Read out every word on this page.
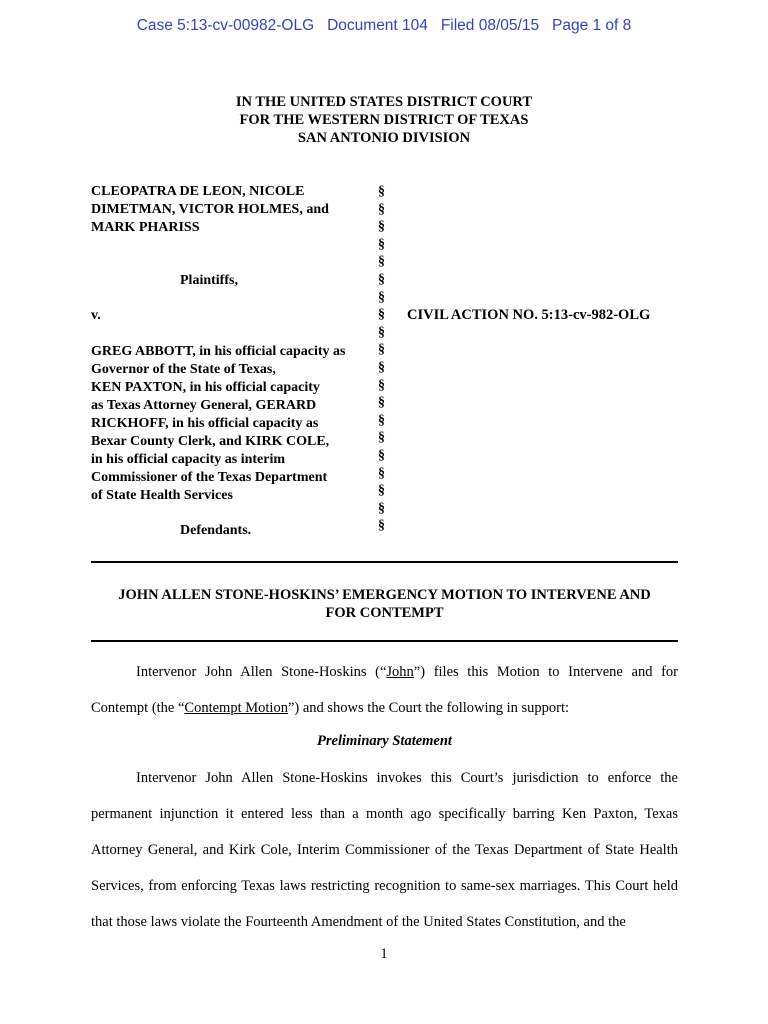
Case 5:13-cv-00982-OLG Document 104 Filed 08/05/15 Page 1 of 8
IN THE UNITED STATES DISTRICT COURT
FOR THE WESTERN DISTRICT OF TEXAS
SAN ANTONIO DIVISION
CLEOPATRA DE LEON, NICOLE
DIMETMAN, VICTOR HOLMES, and
MARK PHARISS
Plaintiffs,
v.
GREG ABBOTT, in his official capacity as
Governor of the State of Texas,
KEN PAXTON, in his official capacity
as Texas Attorney General, GERARD
RICKHOFF, in his official capacity as
Bexar County Clerk, and KIRK COLE,
in his official capacity as interim
Commissioner of the Texas Department
of State Health Services
Defendants.
§
§
§
§
§
§
§
§
§
§
§
§
§
§
§
§
§
§
§
§
CIVIL ACTION NO. 5:13-cv-982-OLG
JOHN ALLEN STONE-HOSKINS’ EMERGENCY MOTION TO INTERVENE AND
FOR CONTEMPT
Intervenor John Allen Stone-Hoskins (“John”) files this Motion to Intervene and for Contempt (the “Contempt Motion”) and shows the Court the following in support:
Preliminary Statement
Intervenor John Allen Stone-Hoskins invokes this Court’s jurisdiction to enforce the permanent injunction it entered less than a month ago specifically barring Ken Paxton, Texas Attorney General, and Kirk Cole, Interim Commissioner of the Texas Department of State Health Services, from enforcing Texas laws restricting recognition to same-sex marriages. This Court held that those laws violate the Fourteenth Amendment of the United States Constitution, and the
1
